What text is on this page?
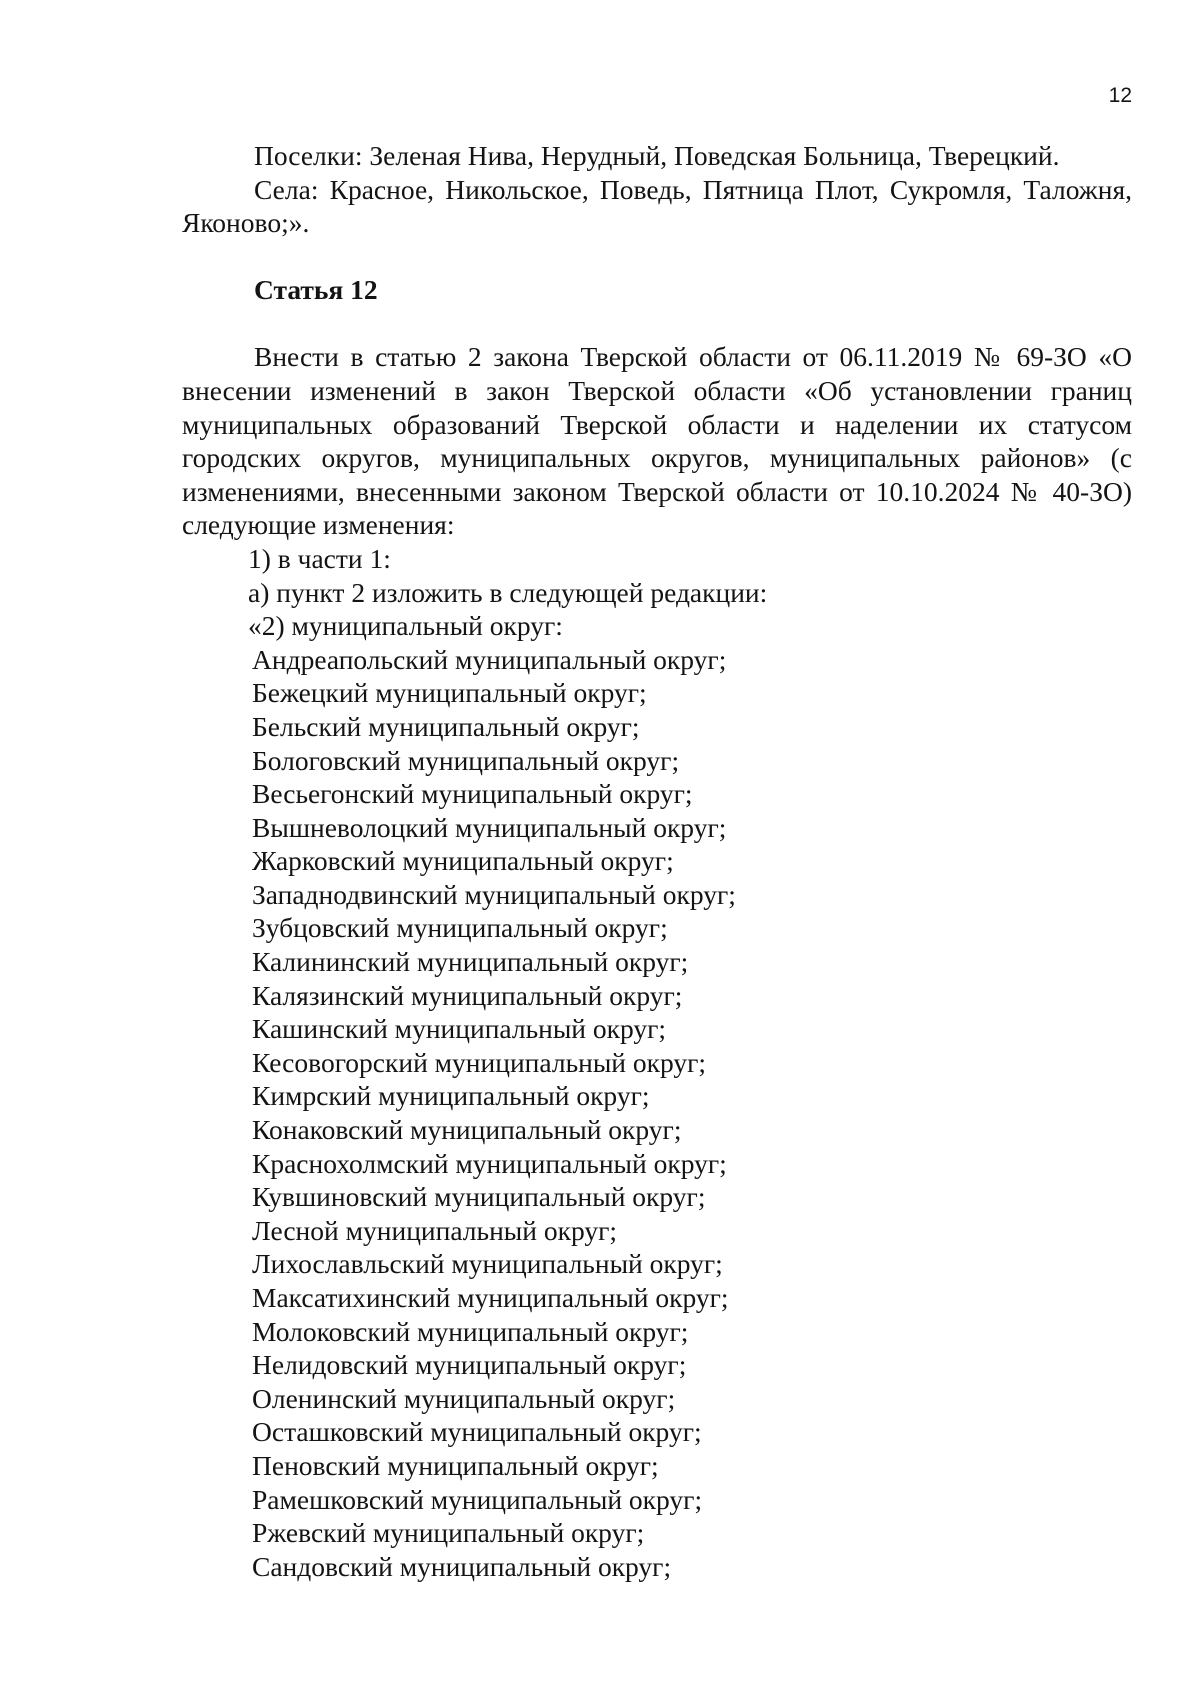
12

Поселки: Зеленая Нива, Нерудный, Поведская Больница, Тверецкий.

Села: Красное, Никольское, Поведь, Пятница Плот, Сукромля, Таложня, Яконово;».

Статья 12

Внести в статью 2 закона Тверской области от 06.11.2019 № 69-ЗО «О внесении изменений в закон Тверской области «Об установлении границ муниципальных образований Тверской области и наделении их статусом городских округов, муниципальных округов, муниципальных районов» (с изменениями, внесенными законом Тверской области от 10.10.2024 № 40-ЗО) следующие изменения:

1) в части 1:

а) пункт 2 изложить в следующей редакции:

«2) муниципальный округ:

Андреапольский муниципальный округ;

Бежецкий муниципальный округ;

Бельский муниципальный округ;

Бологовский муниципальный округ;

Весьегонский муниципальный округ;

Вышневолоцкий муниципальный округ;

Жарковский муниципальный округ;

Западнодвинский муниципальный округ;

Зубцовский муниципальный округ;

Калининский муниципальный округ;

Калязинский муниципальный округ;

Кашинский муниципальный округ;

Кесовогорский муниципальный округ;

Кимрский муниципальный округ;

Конаковский муниципальный округ;

Краснохолмский муниципальный округ;

Кувшиновский муниципальный округ;

Лесной муниципальный округ;

Лихославльский муниципальный округ;

Максатихинский муниципальный округ;

Молоковский муниципальный округ;

Нелидовский муниципальный округ;

Оленинский муниципальный округ;

Осташковский муниципальный округ;

Пеновский муниципальный округ;

Рамешковский муниципальный округ;

Ржевский муниципальный округ;

Сандовский муниципальный округ;
